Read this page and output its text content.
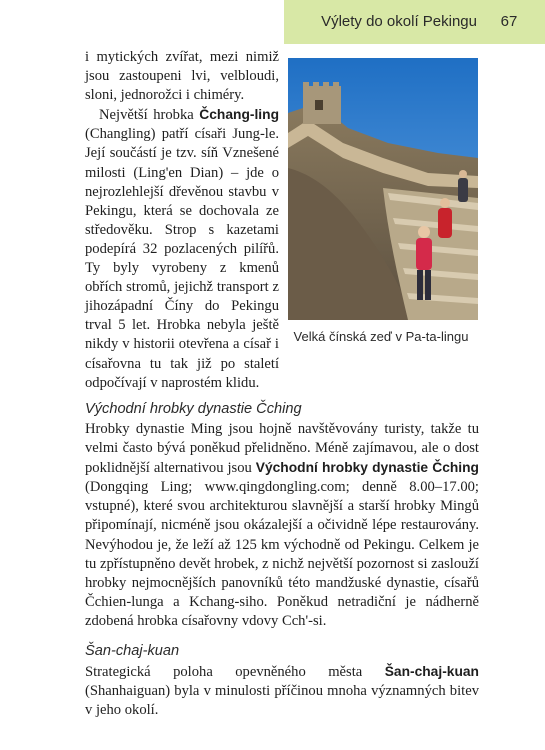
Výlety do okolí Pekingu	67

i mytických zvířat, mezi nimiž jsou zastoupeni lvi, velbloudi, sloni, jednorožci i chiméry.

Největší hrobka Čchang-ling (Changling) patří císaři Jung-le. Její součástí je tzv. síň Vznešené milosti (Ling'en Dian) – jde o nejrozlehlejší dřevěnou stavbu v Pekingu, která se dochovala ze středověku. Strop s kazetami podepírá 32 pozlacených pilířů. Ty byly vyrobeny z kmenů obřích stromů, jejichž transport z jihozápadní Číny do Pekingu trval 5 let. Hrobka nebyla ještě nikdy v historii otevřena a císař i císařovna tu tak již po staletí odpočívají v naprostém klidu.

Velká čínská zeď v Pa-ta-lingu
Východní hrobky dynastie Čching

Hrobky dynastie Ming jsou hojně navštěvovány turisty, takže tu velmi často bývá poněkud přelidněno. Méně zajímavou, ale o dost poklidnější alternativou jsou Východní hrobky dynastie Čching (Dongqing Ling; www.qingdongling.com; denně 8.00–17.00; vstupné), které svou architekturou slavnější a starší hrobky Mingů připomínají, nicméně jsou okázalejší a očividně lépe restaurovány. Nevýhodou je, že leží až 125 km východně od Pekingu. Celkem je tu zpřístupněno devět hrobek, z nichž největší pozornost si zaslouží hrobky nejmocnějších panovníků této mandžuské dynastie, císařů Čchien-lunga a Kchang-siho. Poněkud netradiční je nádherně zdobená hrobka císařovny vdovy Cch'-si.

Šan-chaj-kuan

Strategická poloha opevněného města Šan-chaj-kuan (Shanhaiguan) byla v minulosti příčinou mnoha významných bitev v jeho okolí.
